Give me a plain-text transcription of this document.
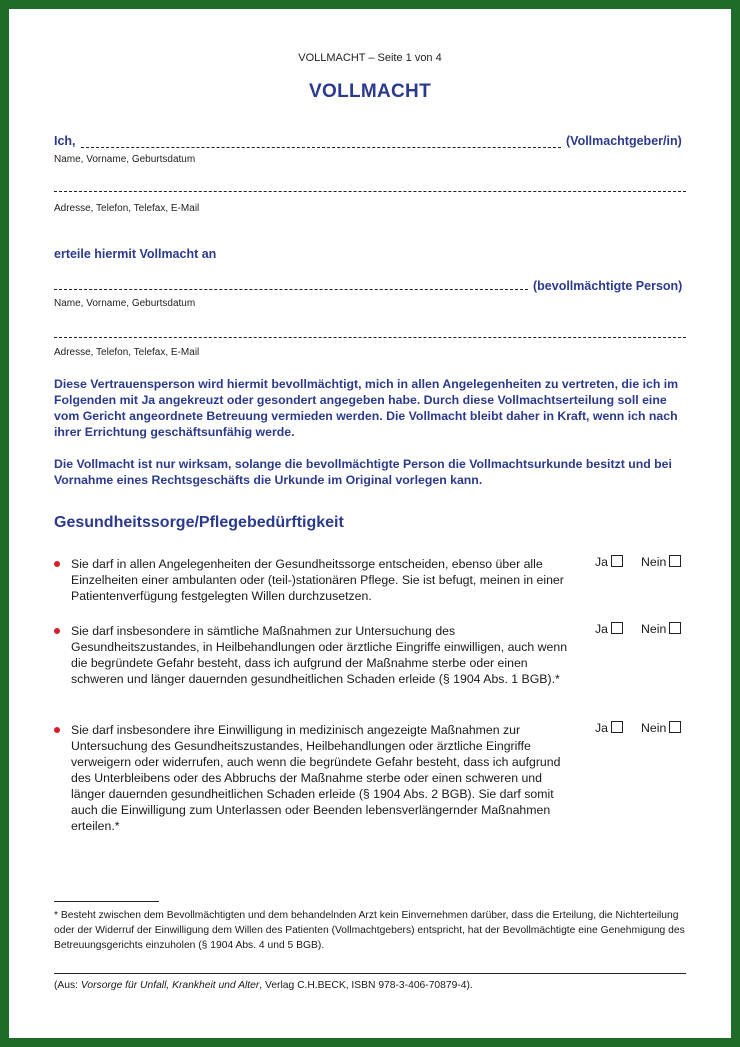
VOLLMACHT – Seite 1 von 4
VOLLMACHT
Ich,	(Vollmachtgeber/in)
Name, Vorname, Geburtsdatum
Adresse, Telefon, Telefax, E-Mail
erteile hiermit Vollmacht an
(bevollmächtigte Person)
Name, Vorname, Geburtsdatum
Adresse, Telefon, Telefax, E-Mail
Diese Vertrauensperson wird hiermit bevollmächtigt, mich in allen Angelegenheiten zu vertreten, die ich im Folgenden mit Ja angekreuzt oder gesondert angegeben habe. Durch diese Vollmachtserteilung soll eine vom Gericht angeordnete Betreuung vermieden werden. Die Vollmacht bleibt daher in Kraft, wenn ich nach ihrer Errichtung geschäftsunfähig werde.
Die Vollmacht ist nur wirksam, solange die bevollmächtigte Person die Vollmachtsurkunde besitzt und bei Vornahme eines Rechtsgeschäfts die Urkunde im Original vorlegen kann.
Gesundheitssorge/Pflegebedürftigkeit
Sie darf in allen Angelegenheiten der Gesundheitssorge entscheiden, ebenso über alle Einzelheiten einer ambulanten oder (teil-)stationären Pflege. Sie ist befugt, meinen in einer Patientenverfügung festgelegten Willen durchzusetzen.
Ja	Nein
Sie darf insbesondere in sämtliche Maßnahmen zur Untersuchung des Gesundheitszustandes, in Heilbehandlungen oder ärztliche Eingriffe einwilligen, auch wenn die begründete Gefahr besteht, dass ich aufgrund der Maßnahme sterbe oder einen schweren und länger dauernden gesundheitlichen Schaden erleide (§ 1904 Abs. 1 BGB).*
Ja	Nein
Sie darf insbesondere ihre Einwilligung in medizinisch angezeigte Maßnahmen zur Untersuchung des Gesundheitszustandes, Heilbehandlungen oder ärztliche Eingriffe verweigern oder widerrufen, auch wenn die begründete Gefahr besteht, dass ich aufgrund des Unterbleibens oder des Abbruchs der Maßnahme sterbe oder einen schweren und länger dauernden gesundheitlichen Schaden erleide (§ 1904 Abs. 2 BGB). Sie darf somit auch die Einwilligung zum Unterlassen oder Beenden lebensverlängernder Maßnahmen erteilen.*
Ja	Nein
* Besteht zwischen dem Bevollmächtigten und dem behandelnden Arzt kein Einvernehmen darüber, dass die Erteilung, die Nichterteilung oder der Widerruf der Einwilligung dem Willen des Patienten (Vollmachtgebers) entspricht, hat der Bevollmächtigte eine Genehmigung des Betreuungsgerichts einzuholen (§ 1904 Abs. 4 und 5 BGB).
(Aus: Vorsorge für Unfall, Krankheit und Alter, Verlag C.H.BECK, ISBN 978-3-406-70879-4).
